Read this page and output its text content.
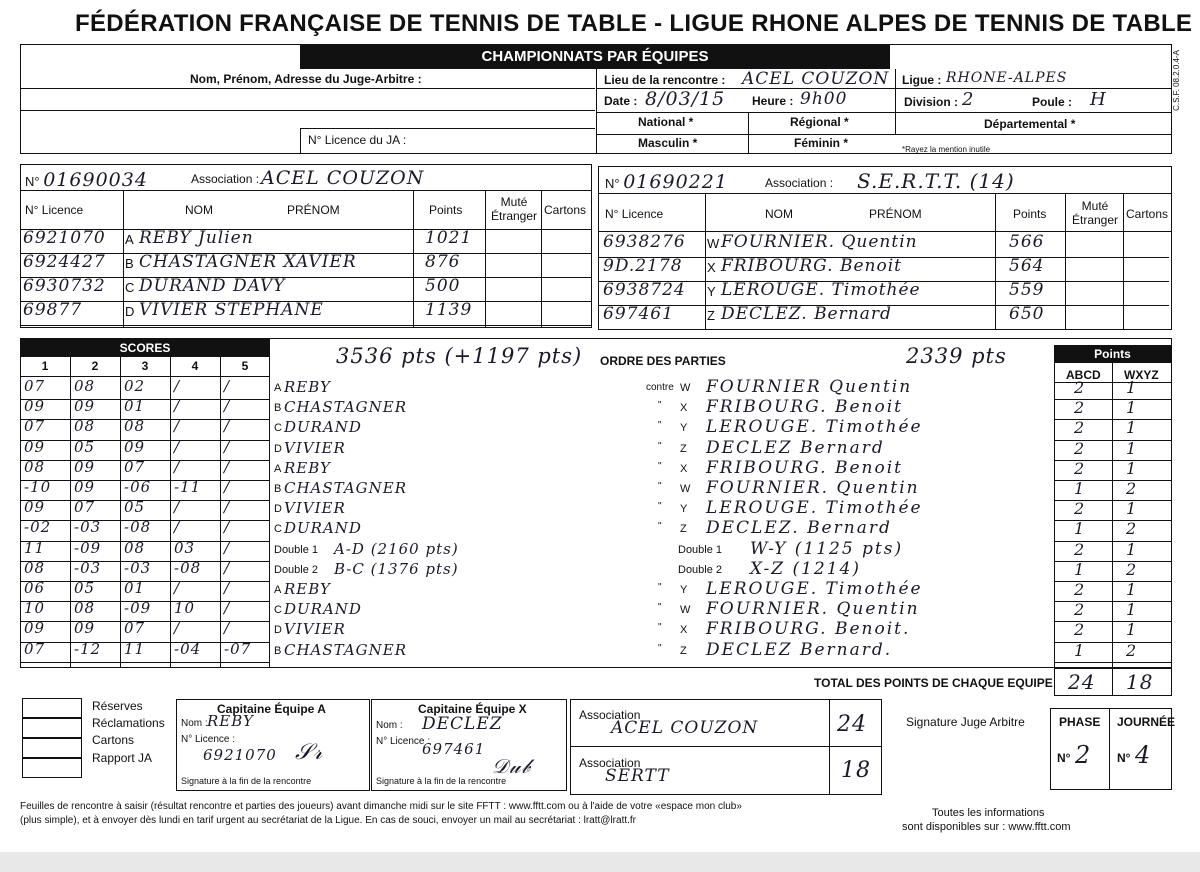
FÉDÉRATION FRANÇAISE DE TENNIS DE TABLE - LIGUE RHONE ALPES DE TENNIS DE TABLE
C.S.F. 08.2.0.4-A
CHAMPIONNATS PAR ÉQUIPES
Nom, Prénom, Adresse du Juge-Arbitre :
N° Licence du JA :
Lieu de la rencontre : ACEL COUZON Ligue : RHONE-ALPES
Date : 8/03/15 Heure : 9h00	Division : 2	Poule : H
National *	Régional *	Départemental *
Masculin *	Féminin *	*Rayez la mention inutile
N° 01690034	Association : ACEL COUZON
N° Licence	NOM	PRÉNOM	Points
Muté Étranger Cartons
6921070 A REBY Julien	1021
6924427 B CHASTAGNER XAVIER	876
6930732 C DURAND DAVY	500
69877	D VIVIER STEPHANE	1139
N° 01690221	Association : S.E.R.T.T. (14)
N° Licence	NOM	PRÉNOM	Points
Muté Étranger Cartons
6938276 W FOURNIER. Quentin	566
9D.2178 X FRIBOURG. Benoit	564
6938724 Y LEROUGE. Timothée	559
697461	Z DECLEZ. Bernard	650
SCORES	Points
ORDRE DES PARTIES
3536 pts (+1197 pts)	2339 pts
ABCD WXYZ
1	2	3	4	5
07	08	02	/	/	A REBY	contre W FOURNIER Quentin	2	1
09	09	01	/	/	B CHASTAGNER	" X FRIBOURG. Benoit	2	1
07	08	08	/	/	C DURAND	" Y LEROUGE. Timothée	2	1
09	05	09	/	/	D VIVIER	" Z DECLEZ Bernard	2	1
08	09	07	/	/	A REBY	" X FRIBOURG. Benoit	2	1
-10	09	-06	-11	/	B CHASTAGNER	" W FOURNIER. Quentin	1	2
09	07	05	/	/	D VIVIER	" Y LEROUGE. Timothée	2	1
-02	-03	-08	/	/	C DURAND	" Z DECLEZ. Bernard	1	2
11	-09	08	03	/	Double 1 A-D (2160 pts)	Double 1 W-Y (1125 pts)	2	1
08	-03	-03	-08	/	Double 2 B-C (1376 pts)	Double 2 X-Z (1214)	1	2
06	05	01	/	/	A REBY	" Y LEROUGE. Timothée	2	1
10	08	-09	10	/	C DURAND	" W FOURNIER. Quentin	2	1
09	09	07	/	/	D VIVIER	" X FRIBOURG. Benoit.	2	1
07	-12	11	-04	-07	B CHASTAGNER	" Z DECLEZ Bernard.	1	2
TOTAL DES POINTS DE CHAQUE EQUIPE 24 18
Réserves
Réclamations
Cartons
Rapport JA
Capitaine Équipe A
Nom : REBY
N° Licence :
6921070 𝒮𝓇
Signature à la fin de la rencontre
Capitaine Équipe X
Nom : DECLEZ
N° Licence :
697461
𝒟𝓊𝒷
Signature à la fin de la rencontre
Association
ACEL COUZON	24
Association
SERTT	18
Signature Juge Arbitre	PHASE JOURNÉE
N° 2 N° 4
Feuilles de rencontre à saisir (résultat rencontre et parties des joueurs) avant dimanche midi sur le site FFTT : www.fftt.com ou à l'aide de votre «espace mon club»
(plus simple), et à envoyer dès lundi en tarif urgent au secrétariat de la Ligue. En cas de souci, envoyer un mail au secrétariat : lratt@lratt.fr
Toutes les informations
sont disponibles sur : www.fftt.com
